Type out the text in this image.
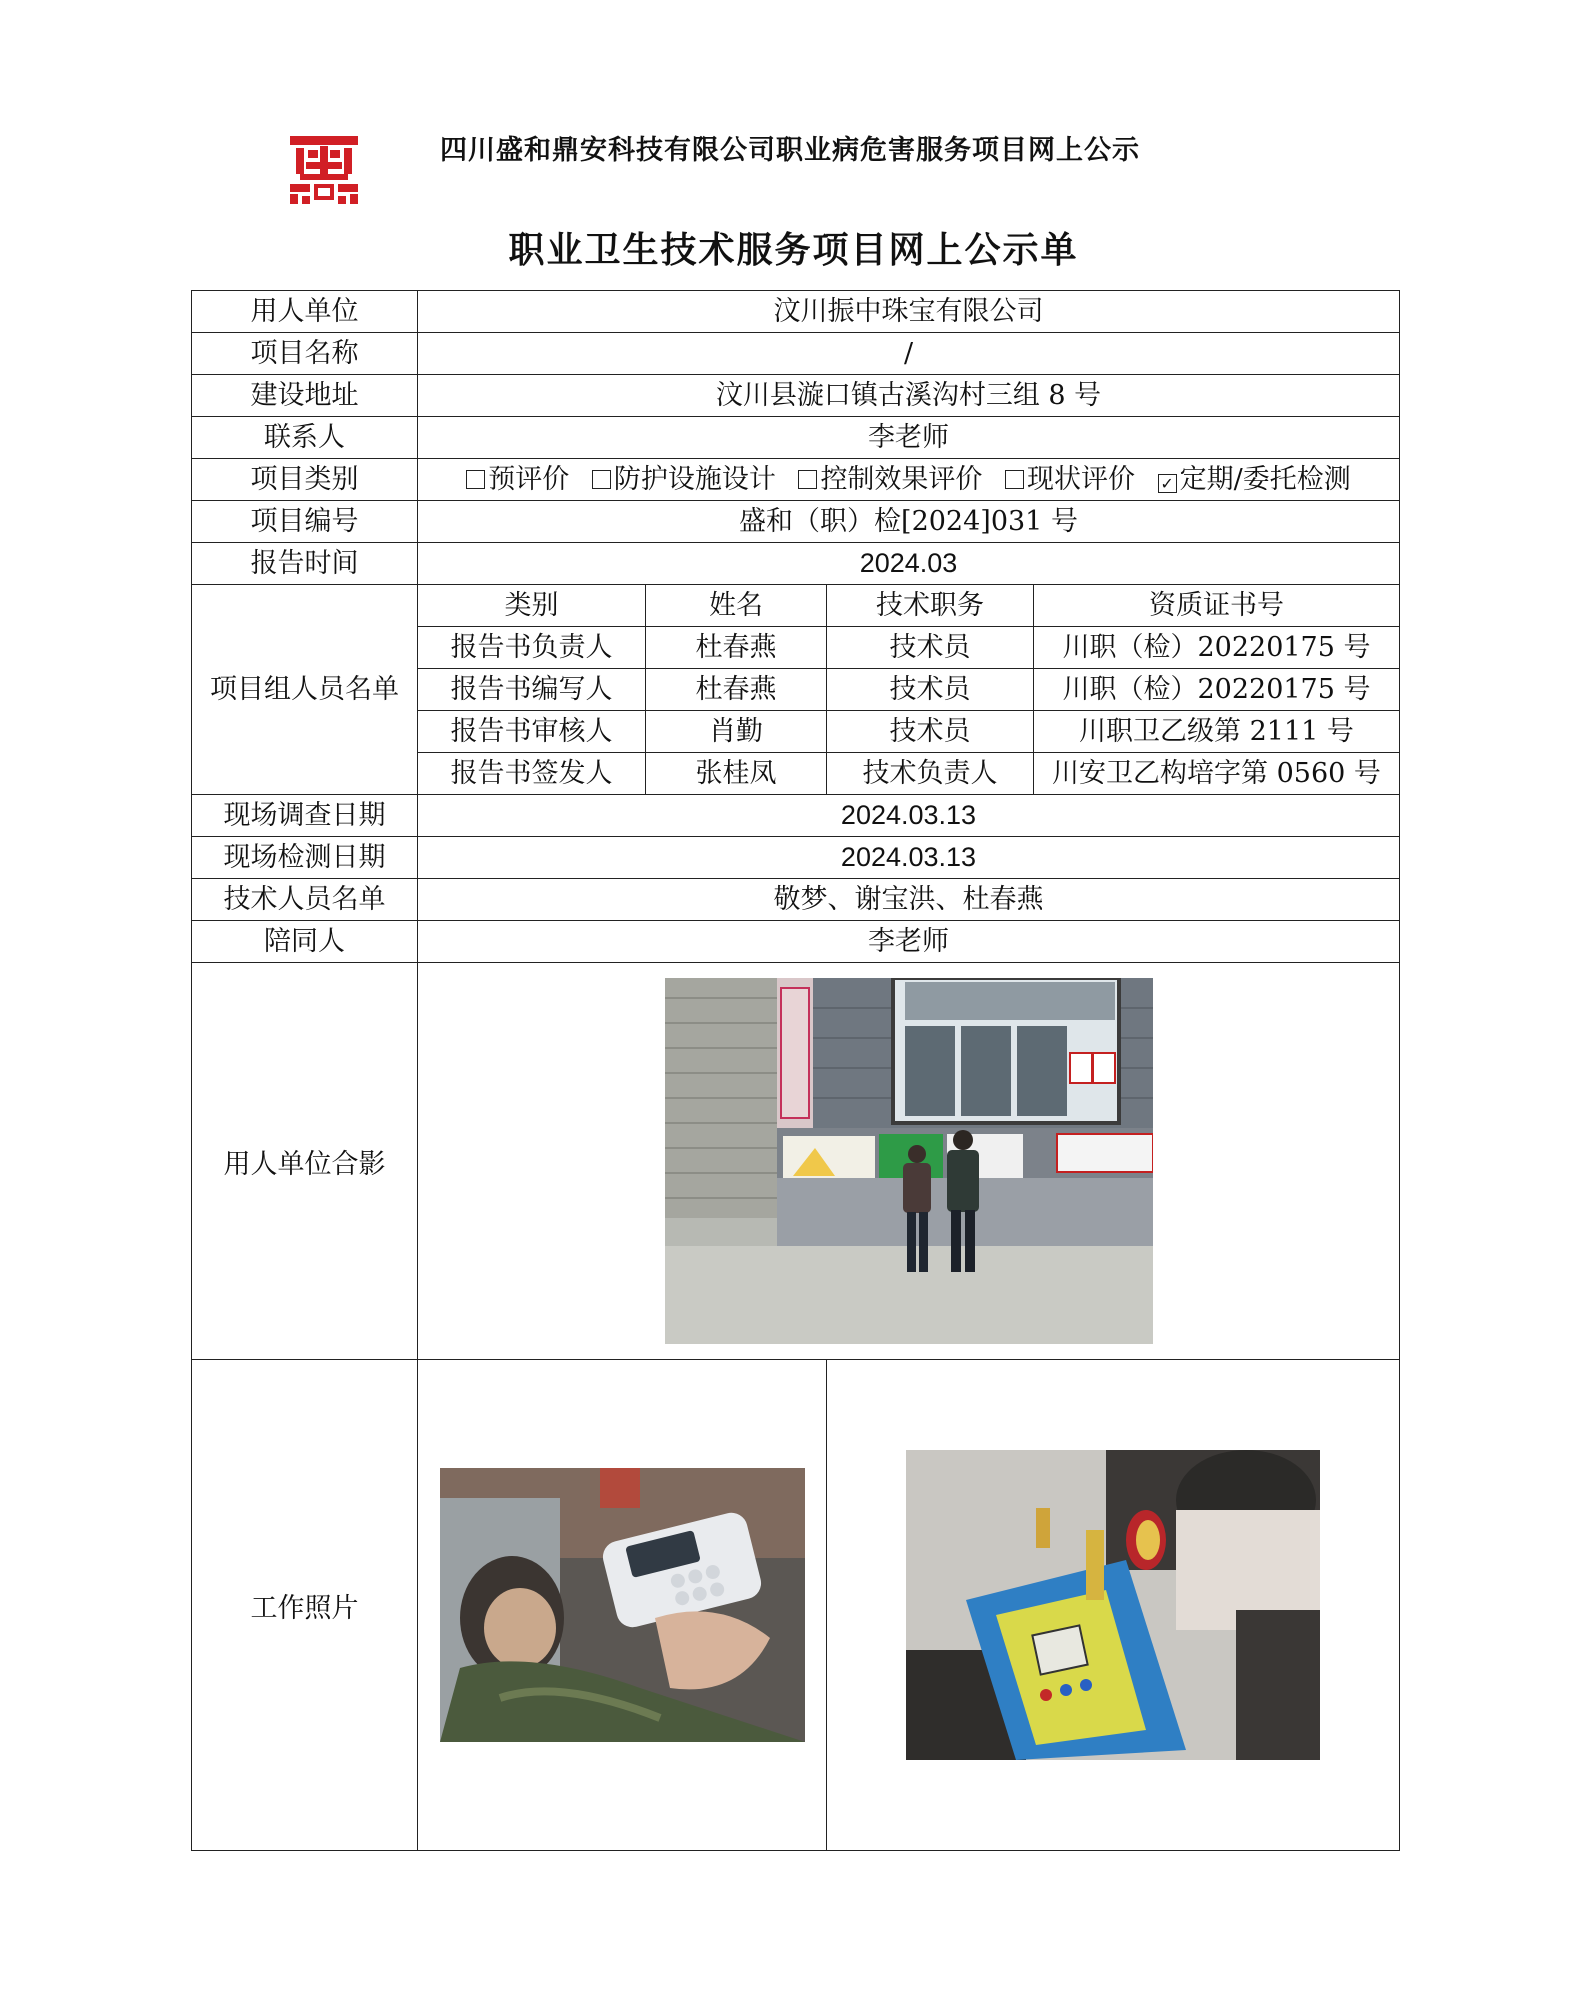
四川盛和鼎安科技有限公司职业病危害服务项目网上公示
职业卫生技术服务项目网上公示单
用人单位	汶川振中珠宝有限公司			
项目名称	/			
建设地址	汶川县漩口镇古溪沟村三组 8 号			
联系人	李老师			
项目类别	预评价 防护设施设计 控制效果评价 现状评价 ✓ 定期/委托检测			
项目编号	盛和（职）检[2024]031 号			
报告时间	2024.03			
项目组人员名单	类别	姓名	技术职务	资质证书号
	报告书负责人	杜春燕	技术员	川职（检）20220175 号
	报告书编写人	杜春燕	技术员	川职（检）20220175 号
	报告书审核人	肖勤	技术员	川职卫乙级第 2111 号
	报告书签发人	张桂凤	技术负责人	川安卫乙构培字第 0560 号
现场调查日期	2024.03.13			
现场检测日期	2024.03.13			
技术人员名单	敬梦、谢宝洪、杜春燕			
陪同人	李老师			
用人单位合影	

工作照片	
